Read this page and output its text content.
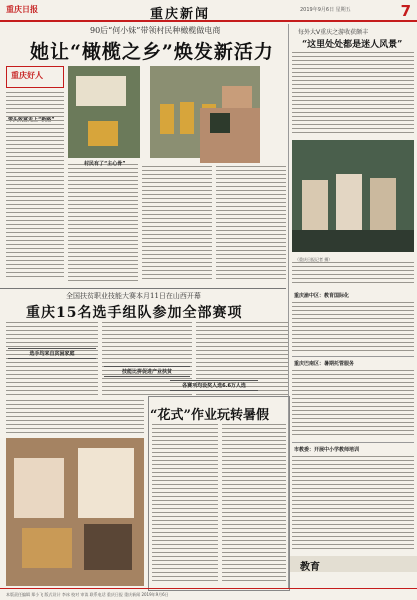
重庆日报	重庆新闻	2019年9月6日 星期五	7
90后“何小妹”带领村民种橄榄做电商
她让“橄榄之乡”焕发新活力
重庆好人
村民有了“主心骨”
每外大V重庆之游收获颇丰
“这里处处都是迷人风景”
（重庆日报记者 摄）
全国扶贫职业技能大赛本月11日在山西开幕
重庆15名选手组队参加全部赛项
选手均来自贫困家庭
技能比拼促进产业扶贫
各赛项均设奖人选6.6万人选
“花式”作业玩转暑假
重庆渝中区：教育国际化
重庆巴南区：暑期托管服务
市教委：开展中小学教师培训
教育
本版责任编辑 郑小飞 版式设计 李冰 校对 审读 联系电话 重庆日报 重庆新闻 2019年9月6日
